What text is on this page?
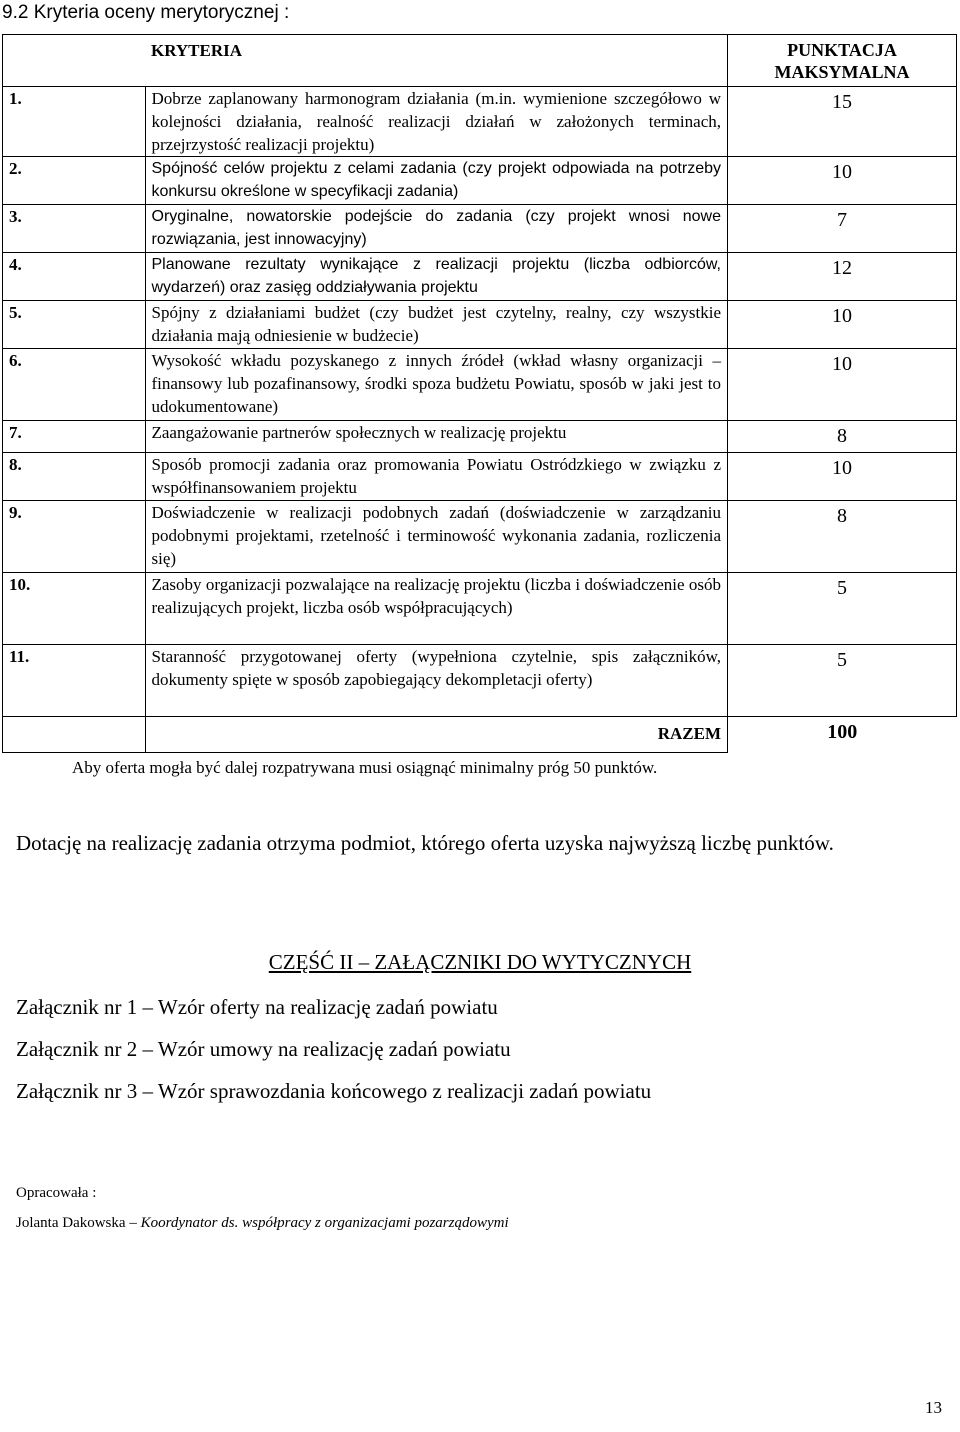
9.2 Kryteria oceny merytorycznej :
	KRYTERIA	PUNKTACJA
MAKSYMALNA

1.	Dobrze zaplanowany harmonogram działania (m.in. wymienione szczegółowo w kolejności działania, realność realizacji działań w założonych terminach, przejrzystość realizacji projektu)	15
2.	Spójność celów projektu z celami zadania (czy projekt odpowiada na potrzeby konkursu określone w specyfikacji zadania)	10
3.	Oryginalne, nowatorskie podejście do zadania (czy projekt wnosi nowe rozwiązania, jest innowacyjny)	7
4.	Planowane rezultaty wynikające z realizacji projektu (liczba odbiorców, wydarzeń) oraz zasięg oddziaływania projektu	12
5.	Spójny z działaniami budżet (czy budżet jest czytelny, realny, czy wszystkie działania mają odniesienie w budżecie)	10
6.	Wysokość wkładu pozyskanego z innych źródeł (wkład własny organizacji – finansowy lub pozafinansowy, środki spoza budżetu Powiatu, sposób w jaki jest to udokumentowane)	10
7.	Zaangażowanie partnerów społecznych w realizację projektu	8
8.	Sposób promocji zadania oraz promowania Powiatu Ostródzkiego w związku z współfinansowaniem projektu	10
9.	Doświadczenie w realizacji podobnych zadań (doświadczenie w zarządzaniu podobnymi projektami, rzetelność i terminowość wykonania zadania, rozliczenia się)	8
10.	Zasoby organizacji pozwalające na realizację projektu (liczba i doświadczenie osób realizujących projekt, liczba osób współpracujących)	5
11.	Staranność przygotowanej oferty (wypełniona czytelnie, spis załączników, dokumenty spięte w sposób zapobiegający dekompletacji oferty)	5
	RAZEM	100
Aby oferta mogła być dalej rozpatrywana musi osiągnąć minimalny próg 50 punktów.
Dotację na realizację zadania otrzyma podmiot, którego oferta uzyska najwyższą liczbę punktów.
CZĘŚĆ II – ZAŁĄCZNIKI DO WYTYCZNYCH
Załącznik nr 1 – Wzór oferty na realizację zadań powiatu
Załącznik nr 2 – Wzór umowy na realizację zadań powiatu
Załącznik nr 3 – Wzór sprawozdania końcowego z realizacji zadań powiatu
Opracowała :
Jolanta Dakowska – Koordynator ds. współpracy z organizacjami pozarządowymi
13
